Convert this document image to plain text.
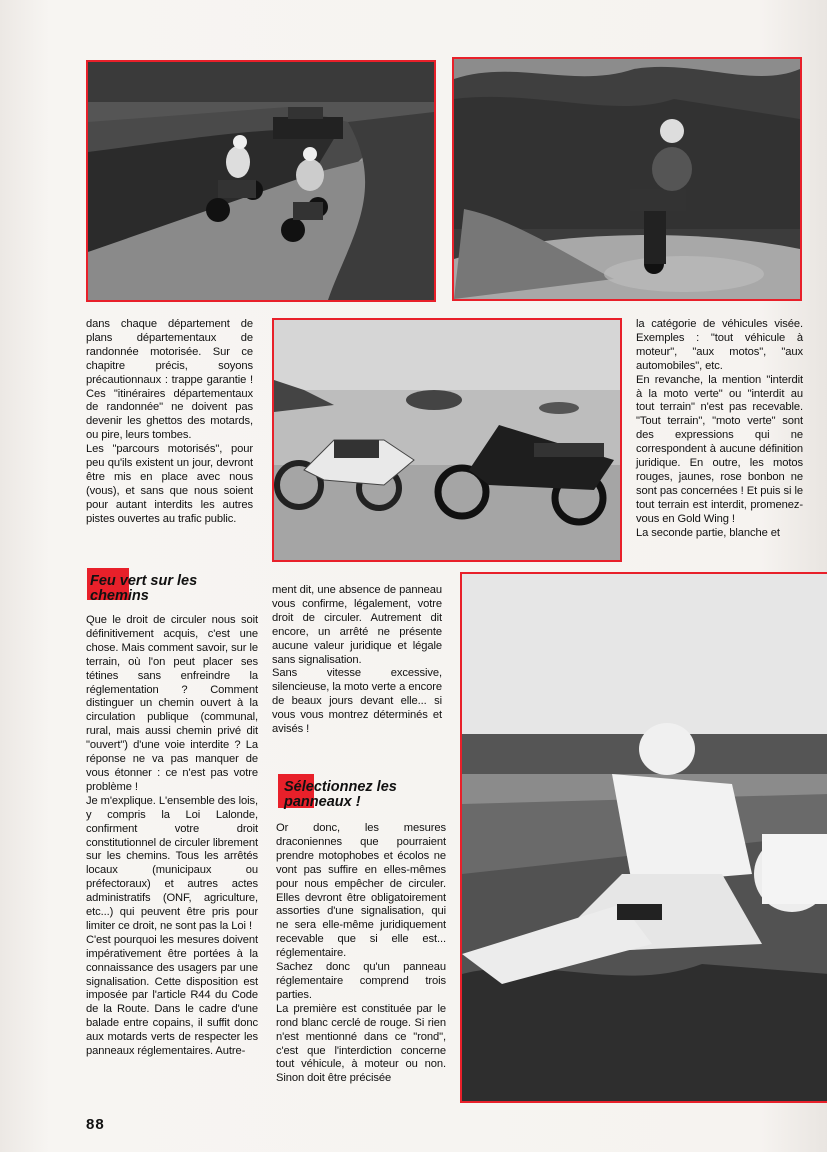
dans chaque département de plans départementaux de randonnée motorisée. Sur ce chapitre précis, soyons précautionnaux : trappe garantie ! Ces "itinéraires départementaux de randonnée" ne doivent pas devenir les ghettos des motards, ou pire, leurs tombes.

Les "parcours motorisés", pour peu qu'ils existent un jour, devront être mis en place avec nous (vous), et sans que nous soient pour autant interdits les autres pistes ouvertes au trafic public.

Feu vert sur les chemins

Que le droit de circuler nous soit définitivement acquis, c'est une chose. Mais comment savoir, sur le terrain, où l'on peut placer ses tétines sans enfreindre la réglementation ? Comment distinguer un chemin ouvert à la circulation publique (communal, rural, mais aussi chemin privé dit "ouvert") d'une voie interdite ? La réponse ne va pas manquer de vous étonner : ce n'est pas votre problème !

Je m'explique. L'ensemble des lois, y compris la Loi Lalonde, confirment votre droit constitutionnel de circuler librement sur les chemins. Tous les arrêtés locaux (municipaux ou préfectoraux) et autres actes administratifs (ONF, agriculture, etc...) qui peuvent être pris pour limiter ce droit, ne sont pas la Loi !

C'est pourquoi les mesures doivent impérativement être portées à la connaissance des usagers par une signalisation. Cette disposition est imposée par l'article R44 du Code de la Route. Dans le cadre d'une balade entre copains, il suffit donc aux motards verts de respecter les panneaux réglementaires. Autre-

ment dit, une absence de panneau vous confirme, légalement, votre droit de circuler. Autrement dit encore, un arrêté ne présente aucune valeur juridique et légale sans signalisation.

Sans vitesse excessive, silencieuse, la moto verte a encore de beaux jours devant elle... si vous vous montrez déterminés et avisés !

Sélectionnez les panneaux !

Or donc, les mesures draconiennes que pourraient prendre motophobes et écolos ne vont pas suffire en elles-mêmes pour nous empêcher de circuler. Elles devront être obligatoirement assorties d'une signalisation, qui ne sera elle-même juridiquement recevable que si elle est... réglementaire.

Sachez donc qu'un panneau réglementaire comprend trois parties.

La première est constituée par le rond blanc cerclé de rouge. Si rien n'est mentionné dans ce "rond", c'est que l'interdiction concerne tout véhicule, à moteur ou non. Sinon doit être précisée

la catégorie de véhicules visée. Exemples : "tout véhicule à moteur", "aux motos", "aux automobiles", etc.

En revanche, la mention "interdit à la moto verte" ou "interdit au tout terrain" n'est pas recevable. "Tout terrain", "moto verte" sont des expressions qui ne correspondent à aucune définition juridique. En outre, les motos rouges, jaunes, rose bonbon ne sont pas concernées ! Et puis si le tout terrain est interdit, promenez-vous en Gold Wing !

La seconde partie, blanche et

88
